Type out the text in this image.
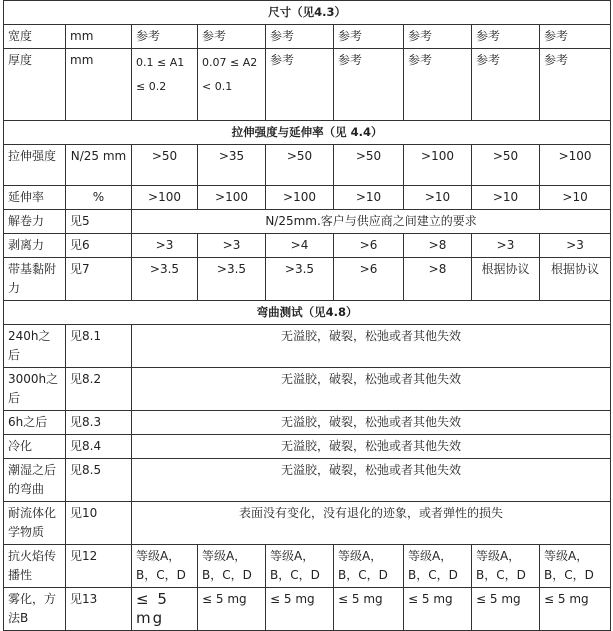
尺寸（见4.3）								
宽度	mm	参考	参考	参考	参考	参考	参考	参考
厚度	mm	0.1 ≤ A1 ≤ 0.2	0.07 ≤ A2 < 0.1	参考	参考	参考	参考	参考
拉伸强度与延伸率（见 4.4）								
拉伸强度	N/25 mm	>50	>35	>50	>50	>100	>50	>100
延伸率	%	>100	>100	>100	>10	>10	>10	>10
解卷力	见5	N/25mm.客户与供应商之间建立的要求						
剥离力	见6	>3	>3	>4	>6	>8	>3	>3
带基黏附力	见7	>3.5	>3.5	>3.5	>6	>8	根据协议	根据协议
弯曲测试（见4.8）								
240h之后	见8.1	无溢胶，破裂，松弛或者其他失效						
3000h之后	见8.2	无溢胶，破裂，松弛或者其他失效						
6h之后	见8.3	无溢胶，破裂，松弛或者其他失效						
冷化	见8.4	无溢胶，破裂，松弛或者其他失效						
潮湿之后的弯曲	见8.5	无溢胶，破裂，松弛或者其他失效						
耐流体化学物质	见10	表面没有变化，没有退化的迹象，或者弹性的损失						
抗火焰传播性	见12	等级A，B，C，D	等级A，B，C，D	等级A，B，C，D	等级A，B，C，D	等级A，B，C，D	等级A，B，C，D	等级A，B，C，D
雾化，方法B	见13	≤ 5 mg	≤ 5 mg	≤ 5 mg	≤ 5 mg	≤ 5 mg	≤ 5 mg	≤ 5 mg
